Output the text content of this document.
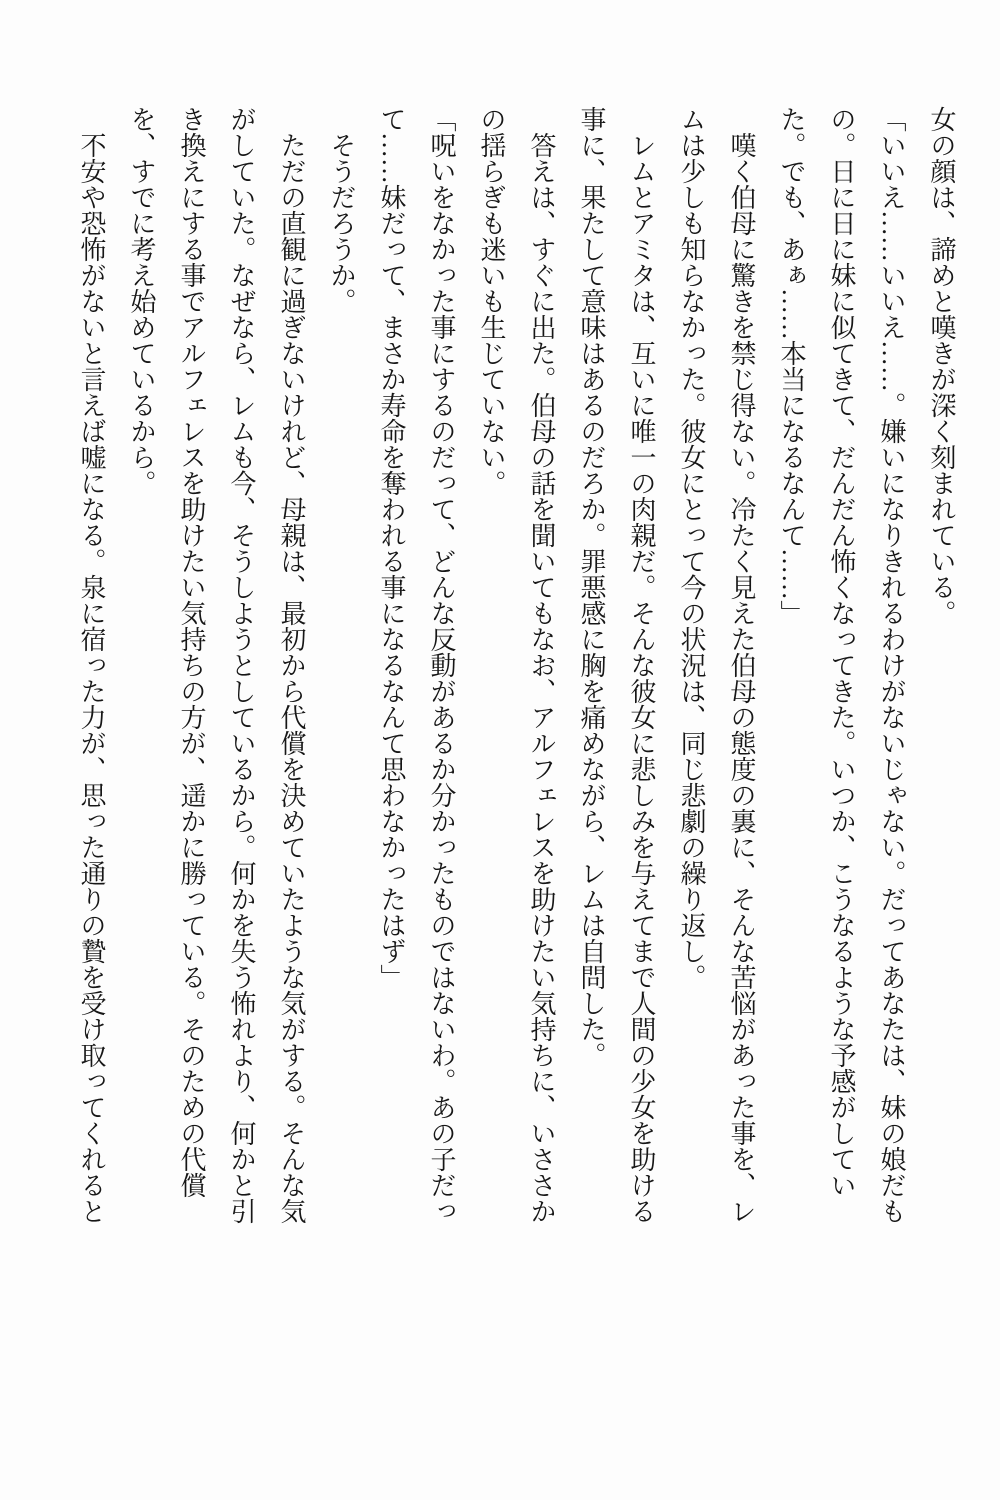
女の顔は、諦めと嘆きが深く刻まれている。

「いいえ……いいえ……。嫌いになりきれるわけがないじゃない。だってあなたは、妹の娘だもの。日に日に妹に似てきて、だんだん怖くなってきた。いつか、こうなるような予感がしていた。でも、あぁ……本当になるなんて……」

嘆く伯母に驚きを禁じ得ない。冷たく見えた伯母の態度の裏に、そんな苦悩があった事を、レムは少しも知らなかった。彼女にとって今の状況は、同じ悲劇の繰り返し。

レムとアミタは、互いに唯一の肉親だ。そんな彼女に悲しみを与えてまで人間の少女を助ける事に、果たして意味はあるのだろか。罪悪感に胸を痛めながら、レムは自問した。

答えは、すぐに出た。伯母の話を聞いてもなお、アルフェレスを助けたい気持ちに、いささかの揺らぎも迷いも生じていない。

「呪いをなかった事にするのだって、どんな反動があるか分かったものではないわ。あの子だって……妹だって、まさか寿命を奪われる事になるなんて思わなかったはず」

そうだろうか。

ただの直観に過ぎないけれど、母親は、最初から代償を決めていたような気がする。そんな気がしていた。なぜなら、レムも今、そうしようとしているから。何かを失う怖れより、何かと引き換えにする事でアルフェレスを助けたい気持ちの方が、遥かに勝っている。そのための代償を、すでに考え始めているから。

不安や恐怖がないと言えば嘘になる。泉に宿った力が、思った通りの贄を受け取ってくれると
